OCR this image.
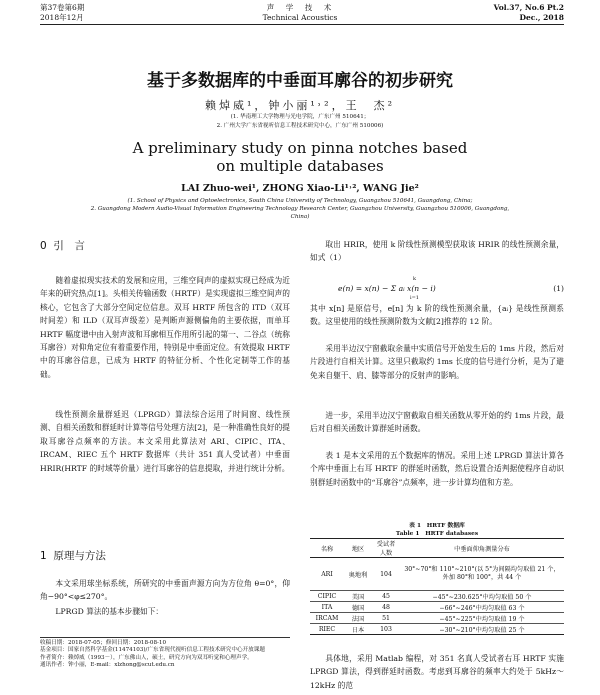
第37卷第6期	声　学　技　术	Vol.37, No.6 Pt.2
2018年12月	Technical Acoustics	Dec., 2018
基于多数据库的中垂面耳廓谷的初步研究
赖焯威¹，钟小丽¹˒²，王　杰²
(1. 华南理工大学物理与光电学院，广东广州 510641；
2. 广州大学广东省视听信息工程技术研究中心，广东广州 510006)
A preliminary study on pinna notches based
on multiple databases
LAI Zhuo-wei¹, ZHONG Xiao-Li¹˒², WANG Jie²
(1. School of Physics and Optoelectronics, South China University of Technology, Guangzhou 510641, Guangdong, China;
2. Guangdong Modern Audio-Visual Information Engineering Technology Research Center, Guangzhou University, Guangzhou 510006, Guangdong,
China)
0 引　言
随着虚拟现实技术的发展和应用，三维空间声的虚拟实现已经成为近年来的研究热点[1]。头相关传输函数（HRTF）是实现虚拟三维空间声的核心，它包含了大部分空间定位信息。双耳 HRTF 所包含的 ITD（双耳时间差）和 ILD（双耳声级差）是判断声源侧偏角的主要依据，而单耳 HRTF 幅度谱中由入射声波和耳廓相互作用所引起的第一、二谷点（统称耳廓谷）对仰角定位有着重要作用，特别是中垂面定位。有效提取 HRTF 中的耳廓谷信息，已成为 HRTF 的特征分析、个性化定制等工作的基础。
线性预测余量群延迟（LPRGD）算法综合运用了时间窗、线性预测、自相关函数和群延时计算等信号处理方法[2]，是一种准确性良好的提取耳廓谷点频率的方法。本文采用此算法对 ARI、CIPIC、ITA、IRCAM、RIEC 五个 HRTF 数据库（共计 351 真人受试者）中垂面 HRIR(HRTF 的时域等价量）进行耳廓谷的信息提取，并进行统计分析。
1 原理与方法
本文采用球坐标系统，所研究的中垂面声源方向为方位角 θ=0°，仰角−90°<φ≤270°。
LPRGD 算法的基本步骤如下：
收稿日期：2018-07-05；修回日期：2018-08-10
基金项目：国家自然科学基金(11474103)/广东省现代视听信息工程技术研究中心开放课题
作者简介：赖焯威（1993－），广东佛山人，硕士，研究方向为双耳听觉和心理声学。
通讯作者：钟小丽，E-mail：xlzhong@scut.edu.cn
取出 HRIR，使用 k 阶线性预测模型获取该 HRIR 的线性预测余量，如式（1）
e(n) = x(n) − Σ aᵢ x(n − i)
k
i=1
(1)
其中 x[n] 是原信号，e[n] 为 k 阶的线性预测余量，{aᵢ} 是线性预测系数。这里使用的线性预测阶数为文献[2]推荐的 12 阶。
采用半边汉宁窗截取余量中实质信号开始发生后的 1ms 片段，然后对片段进行自相关计算。这里只截取约 1ms 长度的信号进行分析，是为了避免来自躯干、肩、膝等部分的反射声的影响。
进一步，采用半边汉宁窗截取自相关函数从零开始的约 1ms 片段，最后对自相关函数计算群延时函数。
表 1 是本文采用的五个数据库的情况。采用上述 LPRGD 算法计算各个库中垂面上右耳 HRTF 的群延时函数，然后设置合适判据使程序自动识别群延时函数中的“耳廓谷”点频率，进一步计算均值和方差。
表 1　HRTF 数据库
Table 1　HRTF databases
名称	地区	受试者人数	中垂面仰角测量分布
ARI	奥地利	104	30°~70°和 110°~210°(以 5°为间隔均匀取值 21 个，外加 80°和 100°，共 44 个
CIPIC	美国	45	−45°~230.625°中均匀取值 50 个
ITA	德国	48	−66°~246°中均匀取值 63 个
IRCAM	法国	51	−45°~225°中均匀取值 19 个
RIEC	日本	103	−30°~210°中均匀取值 25 个
具体地，采用 Matlab 编程，对 351 名真人受试者右耳 HRTF 实施 LPRGD 算法，得到群延时函数。考虑到耳廓谷的频率大约处于 5kHz～12kHz 的范
